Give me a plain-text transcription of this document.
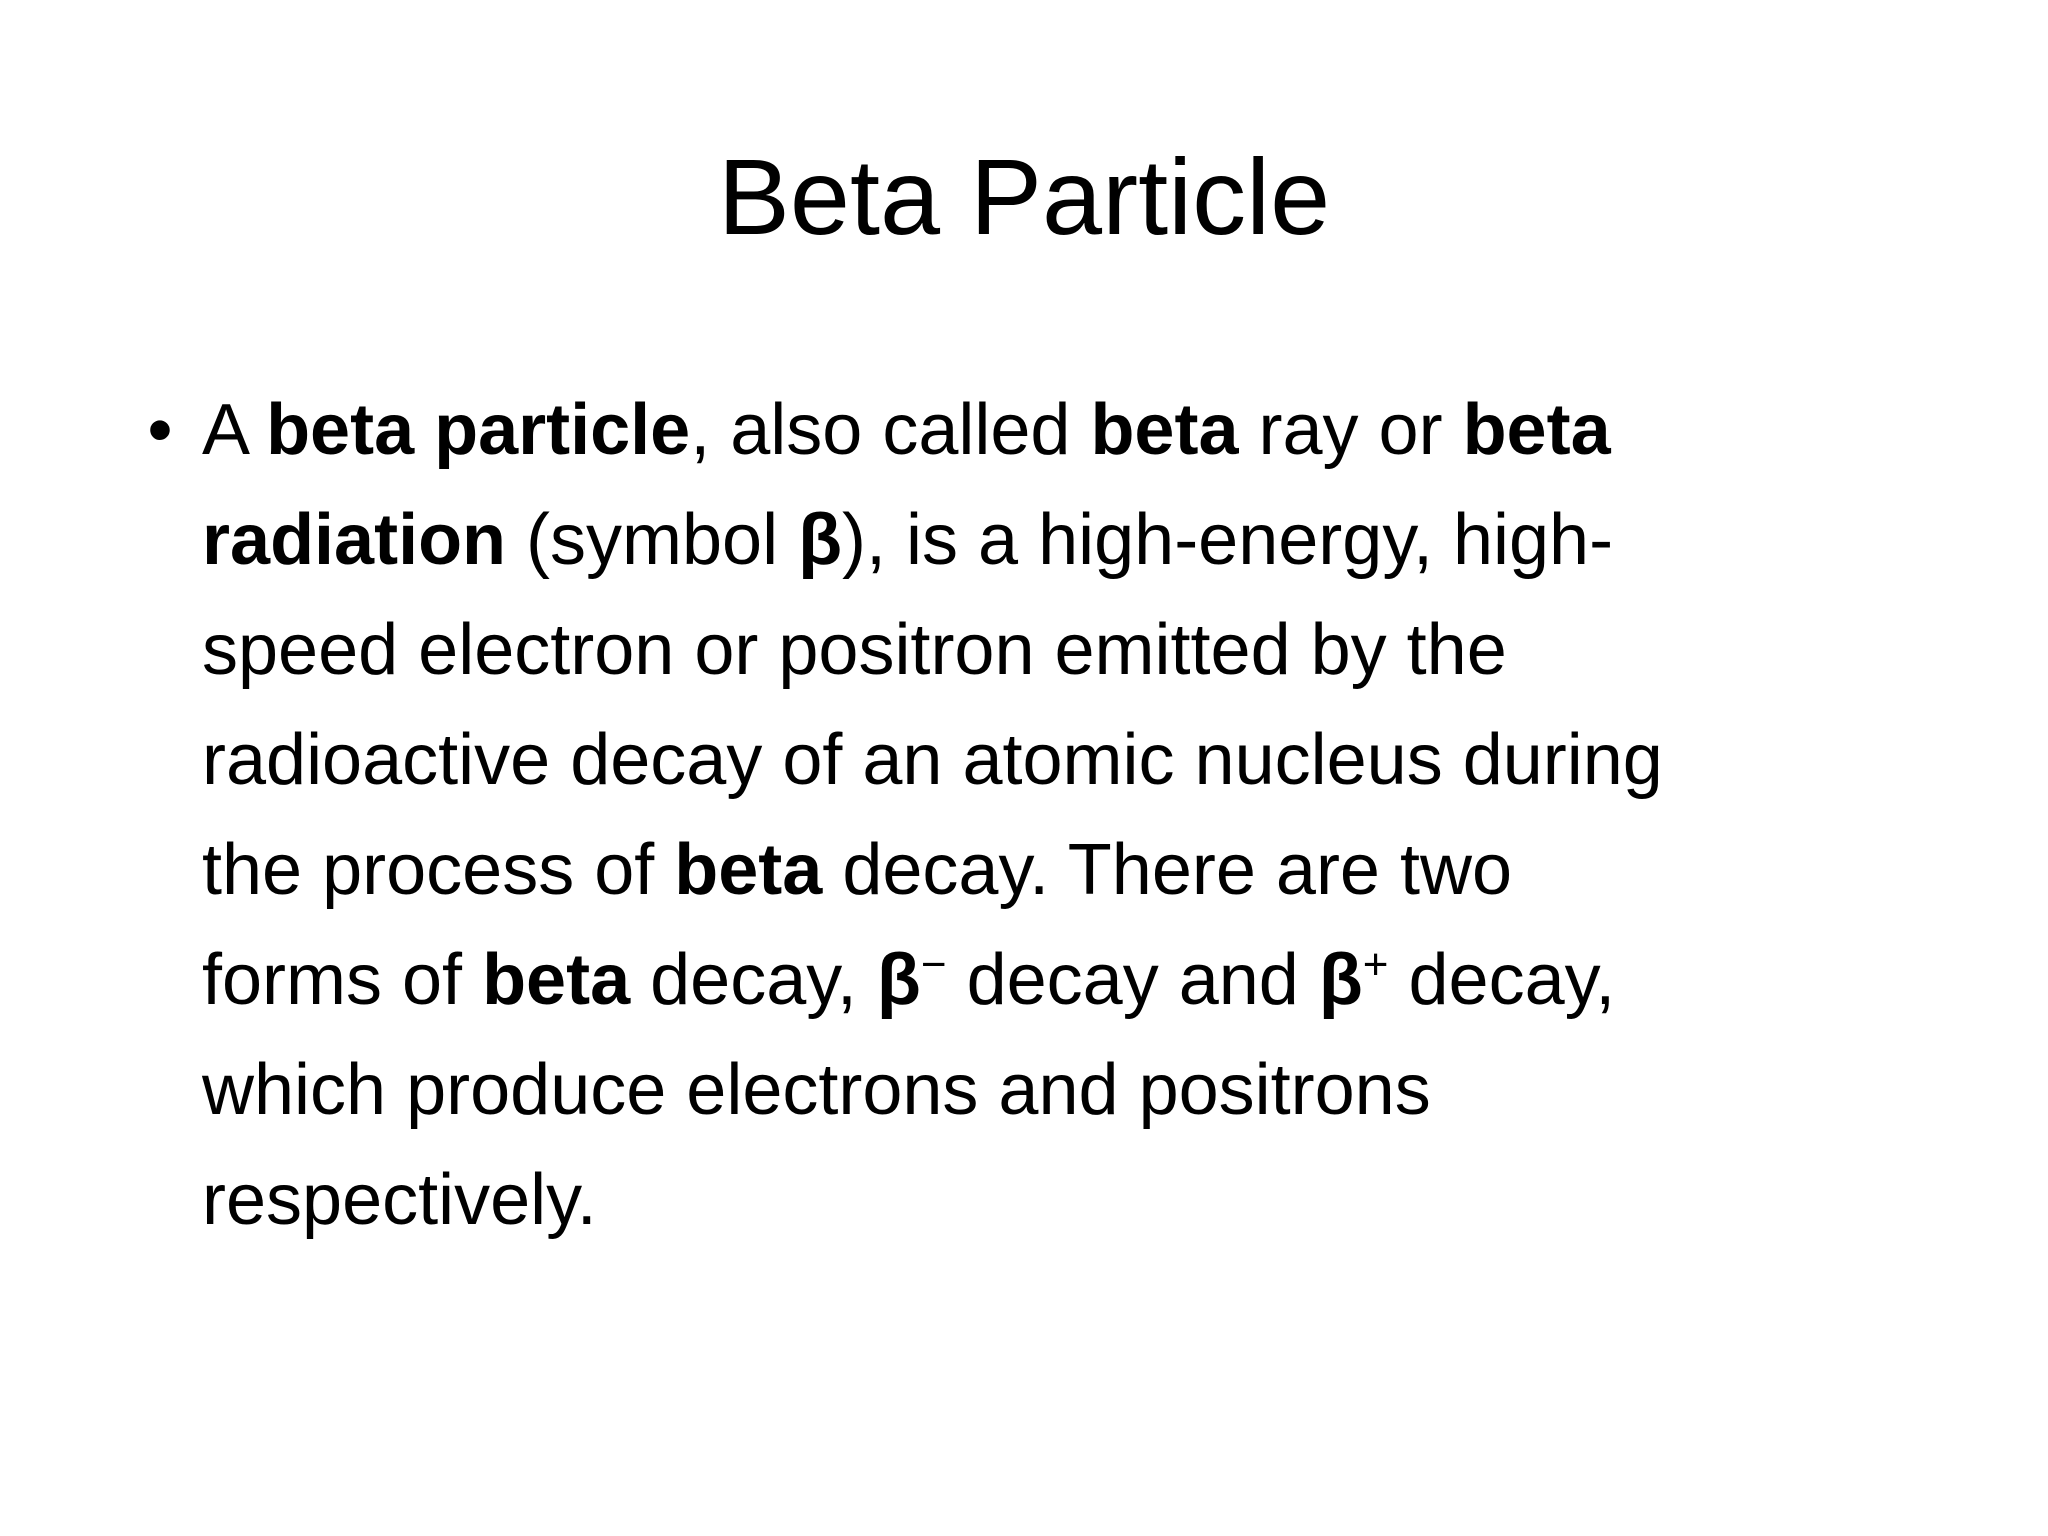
Beta Particle
• A beta particle, also called beta ray or beta
radiation (symbol β), is a high-energy, high-
speed electron or positron emitted by the
radioactive decay of an atomic nucleus during
the process of beta decay. There are two
forms of beta decay, β− decay and β+ decay,
which produce electrons and positrons
respectively.
